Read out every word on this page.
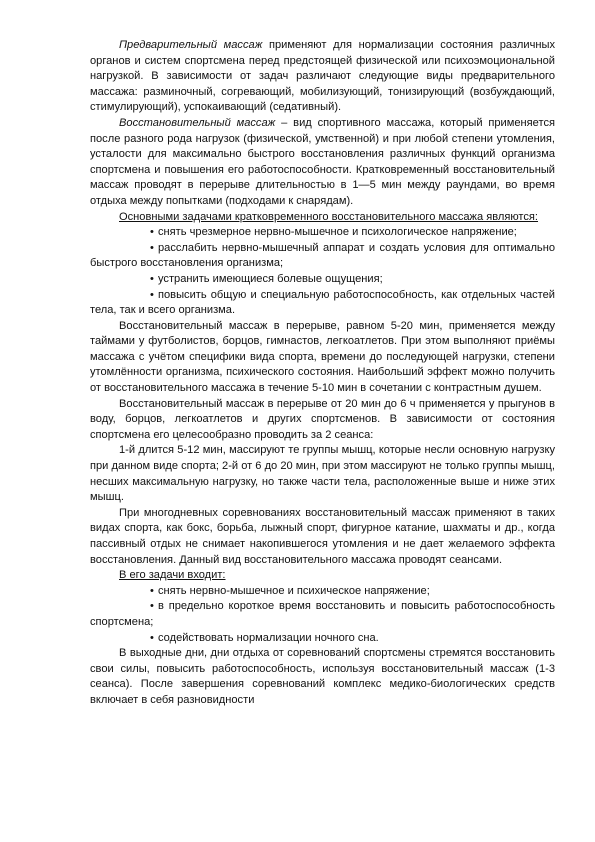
Предварительный массаж применяют для нормализации состояния различных органов и систем спортсмена перед предстоящей физической или психоэмоциональной нагрузкой. В зависимости от задач различают следующие виды предварительного массажа: разминочный, согревающий, мобилизующий, тонизирующий (возбуждающий, стимулирующий), успокаивающий (седативный).

Восстановительный массаж – вид спортивного массажа, который применяется после разного рода нагрузок (физической, умственной) и при любой степени утомления, усталости для максимально быстрого восстановления различных функций организма спортсмена и повышения его работоспособности. Кратковременный восстановительный массаж проводят в перерыве длительностью в 1—5 мин между раундами, во время отдыха между попытками (подходами к снарядам).

Основными задачами кратковременного восстановительного массажа являются:

• снять чрезмерное нервно-мышечное и психологическое напряжение;

• расслабить нервно-мышечный аппарат и создать условия для оптимально быстрого восстановления организма;

• устранить имеющиеся болевые ощущения;

• повысить общую и специальную работоспособность, как отдельных частей тела, так и всего организма.

Восстановительный массаж в перерыве, равном 5-20 мин, применяется между таймами у футболистов, борцов, гимнастов, легкоатлетов. При этом выполняют приёмы массажа с учётом специфики вида спорта, времени до последующей нагрузки, степени утомлённости организма, психического состояния. Наибольший эффект можно получить от восстановительного массажа в течение 5-10 мин в сочетании с контрастным душем.

Восстановительный массаж в перерыве от 20 мин до 6 ч применяется у прыгунов в воду, борцов, легкоатлетов и других спортсменов. В зависимости от состояния спортсмена его целесообразно проводить за 2 сеанса:

1-й длится 5-12 мин, массируют те группы мышц, которые несли основную нагрузку при данном виде спорта; 2-й от 6 до 20 мин, при этом массируют не только группы мышц, несших максимальную нагрузку, но также части тела, расположенные выше и ниже этих мышц.

При многодневных соревнованиях восстановительный массаж применяют в таких видах спорта, как бокс, борьба, лыжный спорт, фигурное катание, шахматы и др., когда пассивный отдых не снимает накопившегося утомления и не дает желаемого эффекта восстановления. Данный вид восстановительного массажа проводят сеансами.

В его задачи входит:

• снять нервно-мышечное и психическое напряжение;

• в предельно короткое время восстановить и повысить работоспособность спортсмена;

• содействовать нормализации ночного сна.

В выходные дни, дни отдыха от соревнований спортсмены стремятся восстановить свои силы, повысить работоспособность, используя восстановительный массаж (1-3 сеанса). После завершения соревнований комплекс медико-биологических средств включает в себя разновидности
